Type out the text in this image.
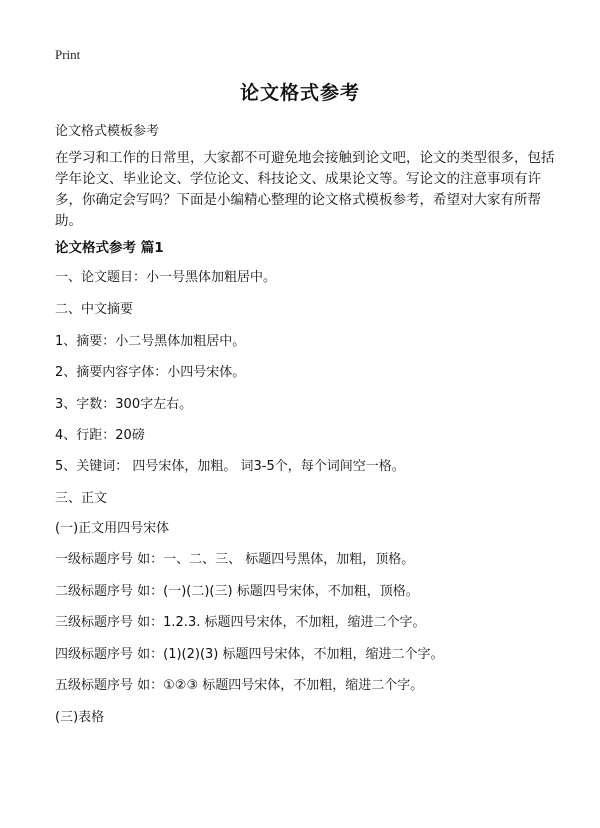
Print
论文格式参考
论文格式模板参考
在学习和工作的日常里，大家都不可避免地会接触到论文吧，论文的类型很多，包括学年论文、毕业论文、学位论文、科技论文、成果论文等。写论文的注意事项有许多，你确定会写吗？下面是小编精心整理的论文格式模板参考，希望对大家有所帮助。
论文格式参考 篇1
一、论文题目：小一号黑体加粗居中。
二、中文摘要
1、摘要：小二号黑体加粗居中。
2、摘要内容字体：小四号宋体。
3、字数：300字左右。
4、行距：20磅
5、关键词： 四号宋体，加粗。 词3-5个，每个词间空一格。
三、正文
(一)正文用四号宋体
一级标题序号 如：一、二、三、 标题四号黑体，加粗，顶格。
二级标题序号 如：(一)(二)(三) 标题四号宋体，不加粗，顶格。
三级标题序号 如：1.2.3. 标题四号宋体，不加粗，缩进二个字。
四级标题序号 如：(1)(2)(3) 标题四号宋体，不加粗，缩进二个字。
五级标题序号 如：①②③ 标题四号宋体，不加粗，缩进二个字。
(三)表格
